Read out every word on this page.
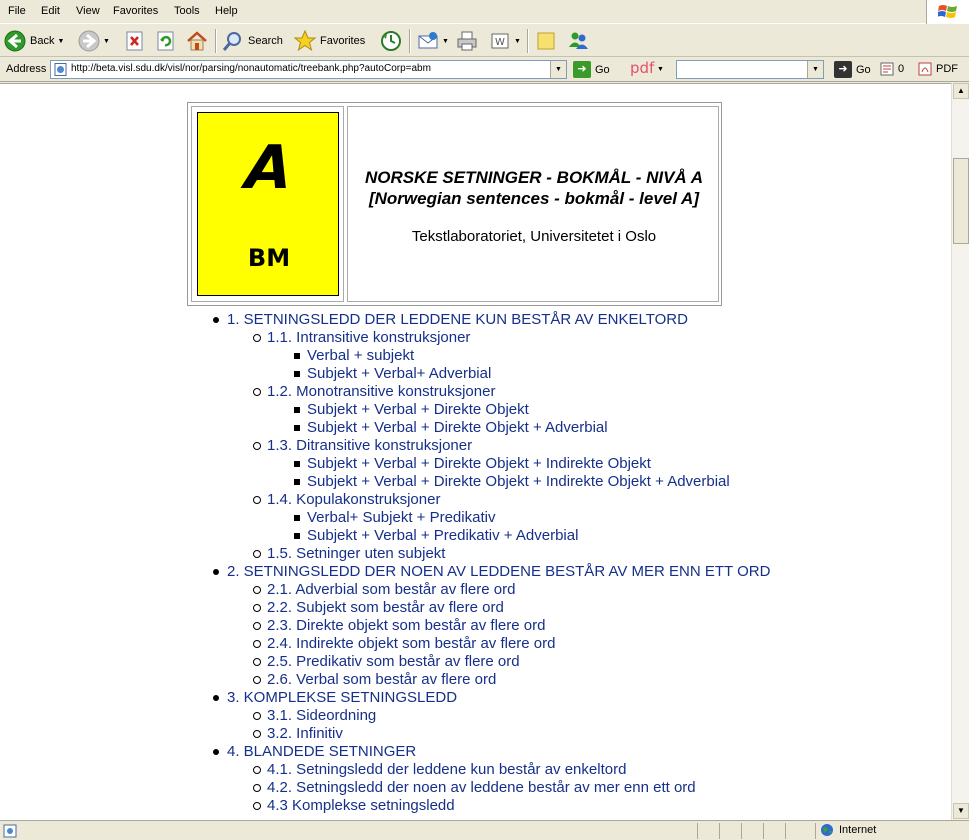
File Edit View Favorites Tools Help
Back ▼	▼	Search	Favorites	▼	W ▼
Address http://beta.visl.sdu.dk/visl/nor/parsing/nonautomatic/treebank.php?autoCorp=abm	▼	➜ Go pdf ▼	▼	➜ Go 0	PDF
A
BM
NORSKE SETNINGER - BOKMÅL - NIVÅ A
[Norwegian sentences - bokmål - level A]
Tekstlaboratoriet, Universitetet i Oslo
1. SETNINGSLEDD DER LEDDENE KUN BESTÅR AV ENKELTORD
1.1. Intransitive konstruksjoner
Verbal + subjekt
Subjekt + Verbal+ Adverbial
1.2. Monotransitive konstruksjoner
Subjekt + Verbal + Direkte Objekt
Subjekt + Verbal + Direkte Objekt + Adverbial
1.3. Ditransitive konstruksjoner
Subjekt + Verbal + Direkte Objekt + Indirekte Objekt
Subjekt + Verbal + Direkte Objekt + Indirekte Objekt + Adverbial
1.4. Kopulakonstruksjoner
Verbal+ Subjekt + Predikativ
Subjekt + Verbal + Predikativ + Adverbial
1.5. Setninger uten subjekt
2. SETNINGSLEDD DER NOEN AV LEDDENE BESTÅR AV MER ENN ETT ORD
2.1. Adverbial som består av flere ord
2.2. Subjekt som består av flere ord
2.3. Direkte objekt som består av flere ord
2.4. Indirekte objekt som består av flere ord
2.5. Predikativ som består av flere ord
2.6. Verbal som består av flere ord
3. KOMPLEKSE SETNINGSLEDD
3.1. Sideordning
3.2. Infinitiv
4. BLANDEDE SETNINGER
4.1. Setningsledd der leddene kun består av enkeltord
4.2. Setningsledd der noen av leddene består av mer enn ett ord
4.3 Komplekse setningsledd
▲
▼
Internet
